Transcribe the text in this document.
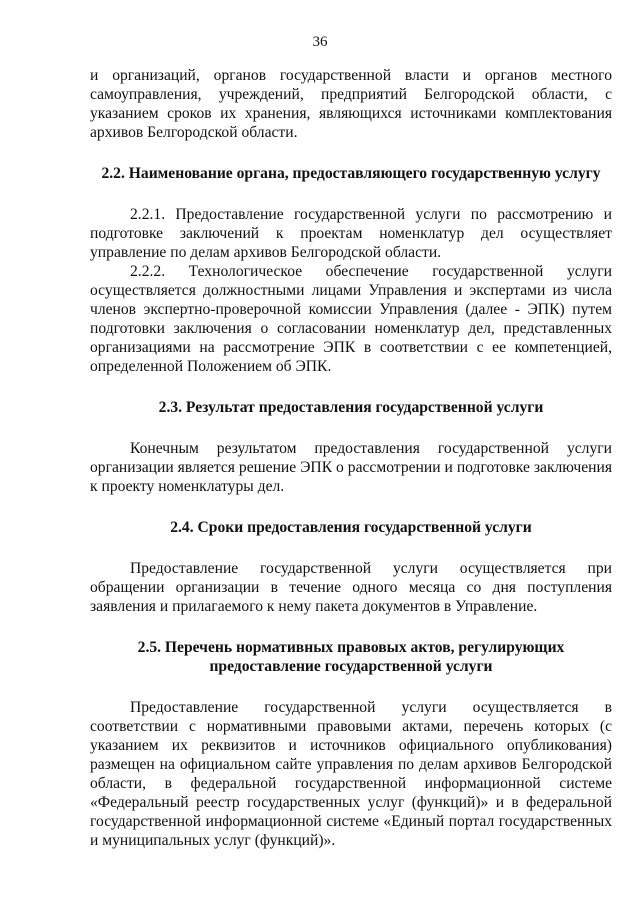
36

и организаций, органов государственной власти и органов местного самоуправления, учреждений, предприятий Белгородской области, с указанием сроков их хранения, являющихся источниками комплектования архивов Белгородской области.

2.2. Наименование органа, предоставляющего государственную услугу

2.2.1. Предоставление государственной услуги по рассмотрению и подготовке заключений к проектам номенклатур дел осуществляет управление по делам архивов Белгородской области.

2.2.2. Технологическое обеспечение государственной услуги осуществляется должностными лицами Управления и экспертами из числа членов экспертно-проверочной комиссии Управления (далее - ЭПК) путем подготовки заключения о согласовании номенклатур дел, представленных организациями на рассмотрение ЭПК в соответствии с ее компетенцией, определенной Положением об ЭПК.

2.3. Результат предоставления государственной услуги

Конечным результатом предоставления государственной услуги организации является решение ЭПК о рассмотрении и подготовке заключения к проекту номенклатуры дел.

2.4. Сроки предоставления государственной услуги

Предоставление государственной услуги осуществляется при обращении организации в течение одного месяца со дня поступления заявления и прилагаемого к нему пакета документов в Управление.

2.5. Перечень нормативных правовых актов, регулирующих
предоставление государственной услуги

Предоставление государственной услуги осуществляется в соответствии с нормативными правовыми актами, перечень которых (с указанием их реквизитов и источников официального опубликования) размещен на официальном сайте управления по делам архивов Белгородской области, в федеральной государственной информационной системе «Федеральный реестр государственных услуг (функций)» и в федеральной государственной информационной системе «Единый портал государственных и муниципальных услуг (функций)».
